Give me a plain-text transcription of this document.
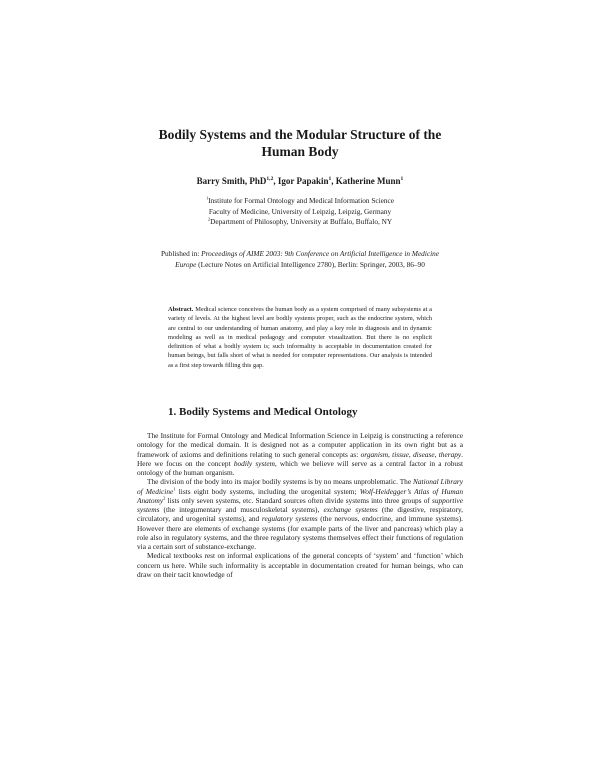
Bodily Systems and the Modular Structure of the
Human Body
Barry Smith, PhD$^{1,2}$, Igor Papakin$^1$, Katherine Munn$^1$

$^1$Institute for Formal Ontology and Medical Information Science

Faculty of Medicine, University of Leipzig, Leipzig, Germany

$^2$Department of Philosophy, University at Buffalo, Buffalo, NY

Published in: Proceedings of AIME 2003: 9th Conference on Artificial Intelligence in Medicine Europe (Lecture Notes on Artificial Intelligence 2780), Berlin: Springer, 2003, 86–90
Abstract. Medical science conceives the human body as a system comprised of many subsystems at a variety of levels. At the highest level are bodily systems proper, such as the endocrine system, which are central to our understanding of human anatomy, and play a key role in diagnosis and in dynamic modeling as well as in medical pedagogy and computer visualization. But there is no explicit definition of what a bodily system is; such informality is acceptable in documentation created for human beings, but falls short of what is needed for computer representations. Our analysis is intended as a first step towards filling this gap.
1. Bodily Systems and Medical Ontology

The Institute for Formal Ontology and Medical Information Science in Leipzig is constructing a reference ontology for the medical domain. It is designed not as a computer application in its own right but as a framework of axioms and definitions relating to such general concepts as: organism, tissue, disease, therapy. Here we focus on the concept bodily system, which we believe will serve as a central factor in a robust ontology of the human organism.

The division of the body into its major bodily systems is by no means unproblematic. The National Library of Medicine$^1$ lists eight body systems, including the urogenital system; Wolf-Heidegger’s Atlas of Human Anatomy$^2$ lists only seven systems, etc. Standard sources often divide systems into three groups of supportive systems (the integumentary and musculoskeletal systems), exchange systems (the digestive, respiratory, circulatory, and urogenital systems), and regulatory systems (the nervous, endocrine, and immune systems). However there are elements of exchange systems (for example parts of the liver and pancreas) which play a role also in regulatory systems, and the three regulatory systems themselves effect their functions of regulation via a certain sort of substance-exchange.

Medical textbooks rest on informal explications of the general concepts of ‘system’ and ‘function’ which concern us here. While such informality is acceptable in documentation created for human beings, who can draw on their tacit knowledge of
